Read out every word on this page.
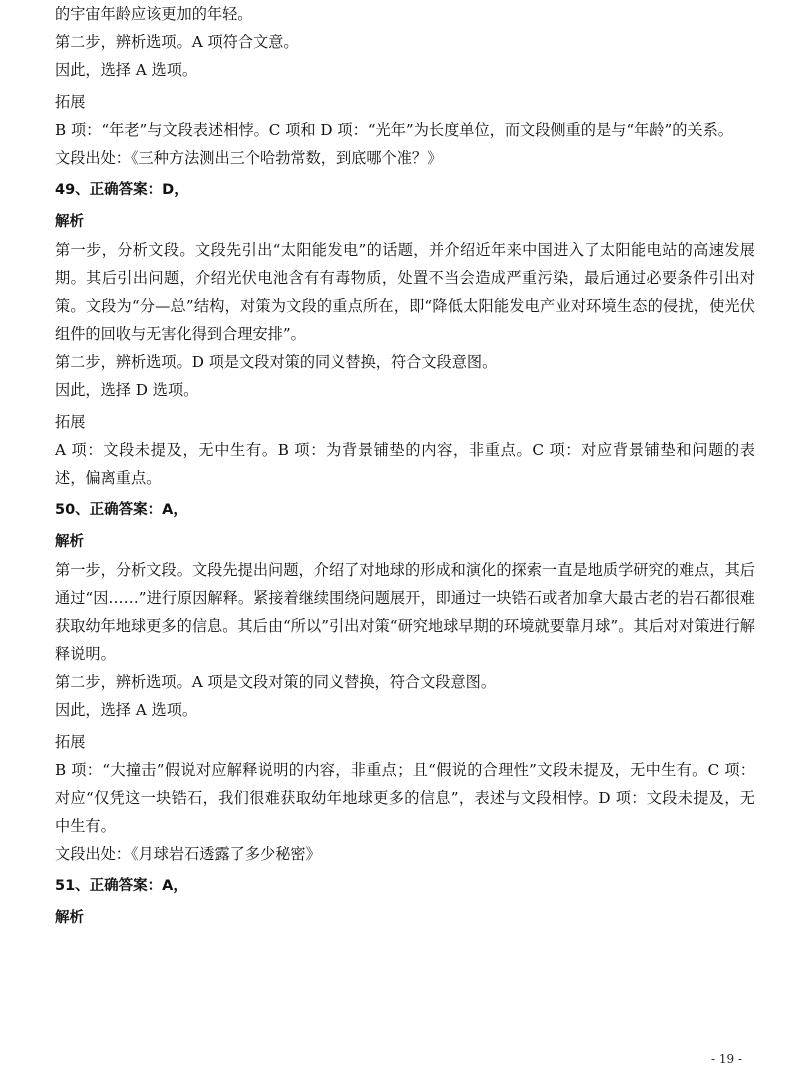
的宇宙年龄应该更加的年轻。

第二步，辨析选项。A 项符合文意。

因此，选择 A 选项。

拓展

B 项：“年老”与文段表述相悖。C 项和 D 项：“光年”为长度单位，而文段侧重的是与“年龄”的关系。

文段出处：《三种方法测出三个哈勃常数，到底哪个准？》

49、正确答案：D，

解析

第一步，分析文段。文段先引出“太阳能发电”的话题，并介绍近年来中国进入了太阳能电站的高速发展期。其后引出问题，介绍光伏电池含有有毒物质，处置不当会造成严重污染，最后通过必要条件引出对策。文段为“分—总”结构，对策为文段的重点所在，即“降低太阳能发电产业对环境生态的侵扰，使光伏组件的回收与无害化得到合理安排”。

第二步，辨析选项。D 项是文段对策的同义替换，符合文段意图。

因此，选择 D 选项。

拓展

A 项：文段未提及，无中生有。B 项：为背景铺垫的内容，非重点。C 项：对应背景铺垫和问题的表述，偏离重点。

50、正确答案：A，

解析

第一步，分析文段。文段先提出问题，介绍了对地球的形成和演化的探索一直是地质学研究的难点，其后通过“因……”进行原因解释。紧接着继续围绕问题展开，即通过一块锆石或者加拿大最古老的岩石都很难获取幼年地球更多的信息。其后由“所以”引出对策“研究地球早期的环境就要靠月球”。其后对对策进行解释说明。

第二步，辨析选项。A 项是文段对策的同义替换，符合文段意图。

因此，选择 A 选项。

拓展

B 项：“大撞击”假说对应解释说明的内容，非重点；且“假说的合理性”文段未提及，无中生有。C 项：对应“仅凭这一块锆石，我们很难获取幼年地球更多的信息”，表述与文段相悖。D 项：文段未提及，无中生有。

文段出处：《月球岩石透露了多少秘密》

51、正确答案：A，

解析

- 19 -
